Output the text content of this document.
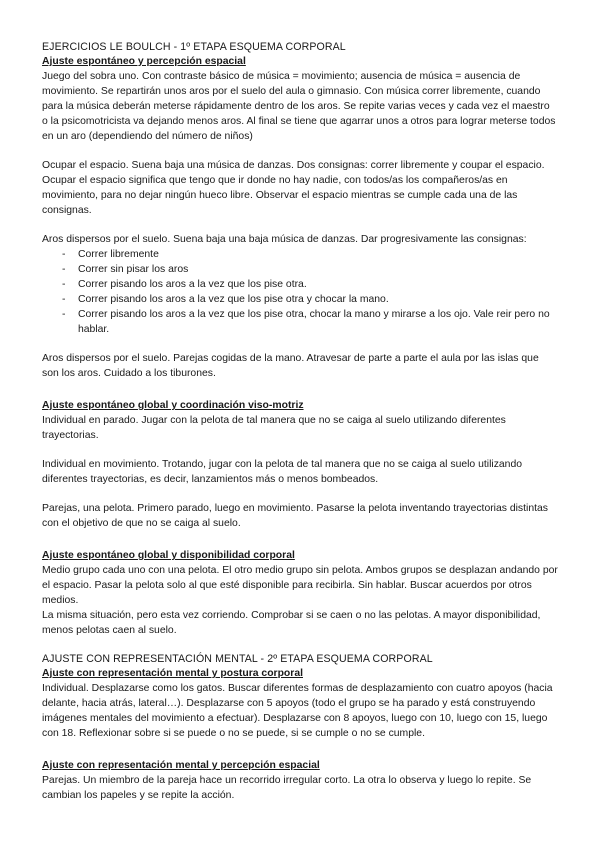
EJERCICIOS LE BOULCH - 1º ETAPA ESQUEMA CORPORAL
Ajuste espontáneo y percepción espacial

Juego del sobra uno. Con contraste básico de música = movimiento; ausencia de música = ausencia de movimiento. Se repartirán unos aros por el suelo del aula o gimnasio. Con música correr libremente, cuando para la música deberán meterse rápidamente dentro de los aros. Se repite varias veces y cada vez el maestro o la psicomotricista va dejando menos aros. Al final se tiene que agarrar unos a otros para lograr meterse todos en un aro (dependiendo del número de niños)

Ocupar el espacio. Suena baja una música de danzas. Dos consignas: correr libremente y coupar el espacio. Ocupar el espacio significa que tengo que ir donde no hay nadie, con todos/as los compañeros/as en movimiento, para no dejar ningún hueco libre. Observar el espacio mientras se cumple cada una de las consignas.

Aros dispersos por el suelo. Suena baja una baja música de danzas. Dar progresivamente las consignas:

- Correr libremente
- Correr sin pisar los aros
- Correr pisando los aros a la vez que los pise otra.
- Correr pisando los aros a la vez que los pise otra y chocar la mano.
- Correr pisando los aros a la vez que los pise otra, chocar la mano y mirarse a los ojo. Vale reir pero no hablar.

Aros dispersos por el suelo. Parejas cogidas de la mano. Atravesar de parte a parte el aula por las islas que son los aros. Cuidado a los tiburones.

Ajuste espontáneo global y coordinación viso-motriz

Individual en parado. Jugar con la pelota de tal manera que no se caiga al suelo utilizando diferentes trayectorias.

Individual en movimiento. Trotando, jugar con la pelota de tal manera que no se caiga al suelo utilizando diferentes trayectorias, es decir, lanzamientos más o menos bombeados.

Parejas, una pelota. Primero parado, luego en movimiento. Pasarse la pelota inventando trayectorias distintas con el objetivo de que no se caiga al suelo.

Ajuste espontáneo global y disponibilidad corporal

Medio grupo cada uno con una pelota. El otro medio grupo sin pelota. Ambos grupos se desplazan andando por el espacio. Pasar la pelota solo al que esté disponible para recibirla. Sin hablar. Buscar acuerdos por otros medios.

La misma situación, pero esta vez corriendo. Comprobar si se caen o no las pelotas. A mayor disponibilidad, menos pelotas caen al suelo.

AJUSTE CON REPRESENTACIÓN MENTAL - 2º ETAPA ESQUEMA CORPORAL
Ajuste con representación mental y postura corporal

Individual. Desplazarse como los gatos. Buscar diferentes formas de desplazamiento con cuatro apoyos (hacia delante, hacia atrás, lateral…). Desplazarse con 5 apoyos (todo el grupo se ha parado y está construyendo imágenes mentales del movimiento a efectuar). Desplazarse con 8 apoyos, luego con 10, luego con 15, luego con 18. Reflexionar sobre si se puede o no se puede, si se cumple o no se cumple.

Ajuste con representación mental y percepción espacial

Parejas. Un miembro de la pareja hace un recorrido irregular corto. La otra lo observa y luego lo repite. Se cambian los papeles y se repite la acción.
